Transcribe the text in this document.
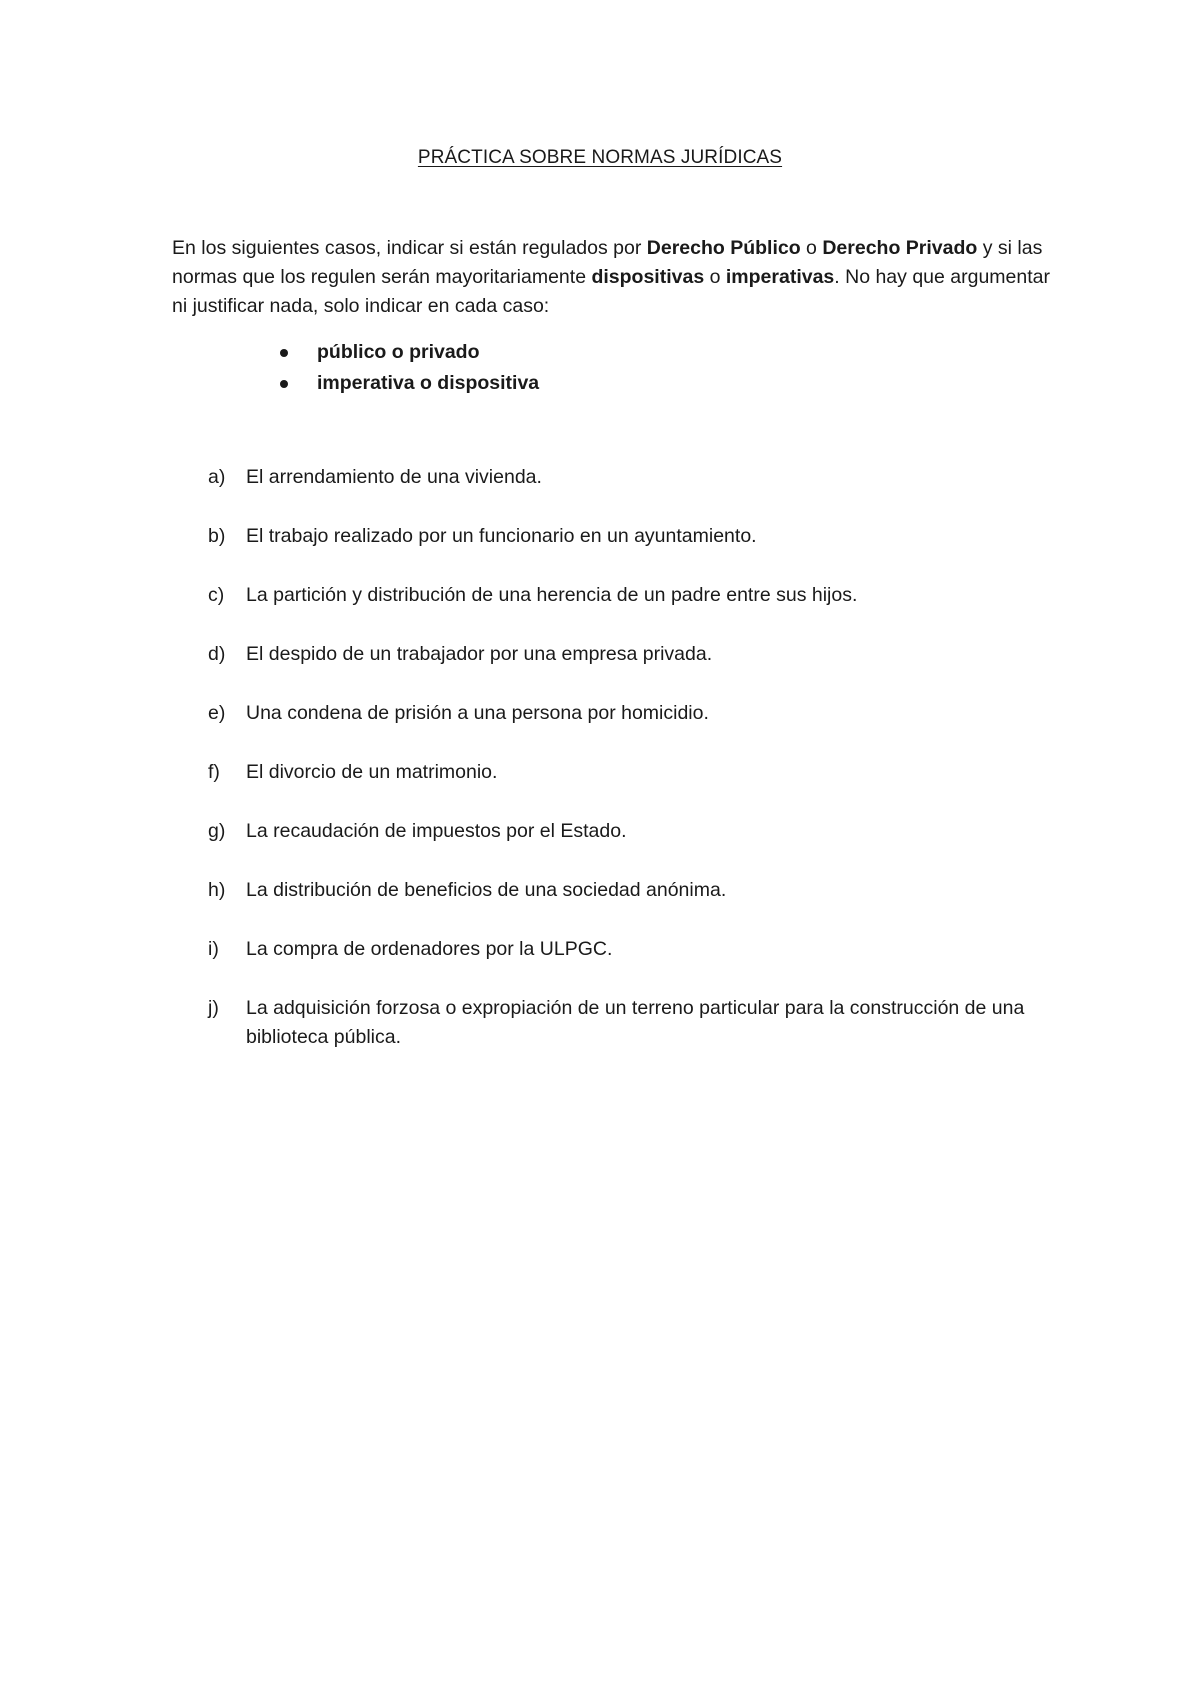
PRÁCTICA SOBRE NORMAS JURÍDICAS

En los siguientes casos, indicar si están regulados por Derecho Público o Derecho Privado y si las normas que los regulen serán mayoritariamente dispositivas o imperativas. No hay que argumentar ni justificar nada, solo indicar en cada caso:

público o privado
imperativa o dispositiva
a) El arrendamiento de una vivienda.
b) El trabajo realizado por un funcionario en un ayuntamiento.
c) La partición y distribución de una herencia de un padre entre sus hijos.
d) El despido de un trabajador por una empresa privada.
e) Una condena de prisión a una persona por homicidio.
f) El divorcio de un matrimonio.
g) La recaudación de impuestos por el Estado.
h) La distribución de beneficios de una sociedad anónima.
i) La compra de ordenadores por la ULPGC.
j) La adquisición forzosa o expropiación de un terreno particular para la construcción de una biblioteca pública.
